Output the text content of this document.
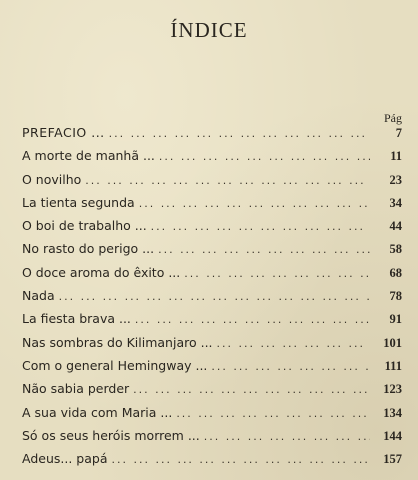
ÍNDICE
Pág
PREFACIO ... ... .	7
A morte de manhã ... ... .	11
O novilho ... .	23
La tienta segunda ... .	34
O boi de trabalho ... ... .	44
No rasto do perigo ... ... .	58
O doce aroma do êxito ... ... .	68
Nada ... .	78
La fiesta brava ... ... .	91
Nas sombras do Kilimanjaro ... ... .	101
Com o general Hemingway ... ... .	111
Não sabia perder ... .	123
A sua vida com Maria ... ... .	134
Só os seus heróis morrem ... ... .	144
Adeus... papá ... .	157
